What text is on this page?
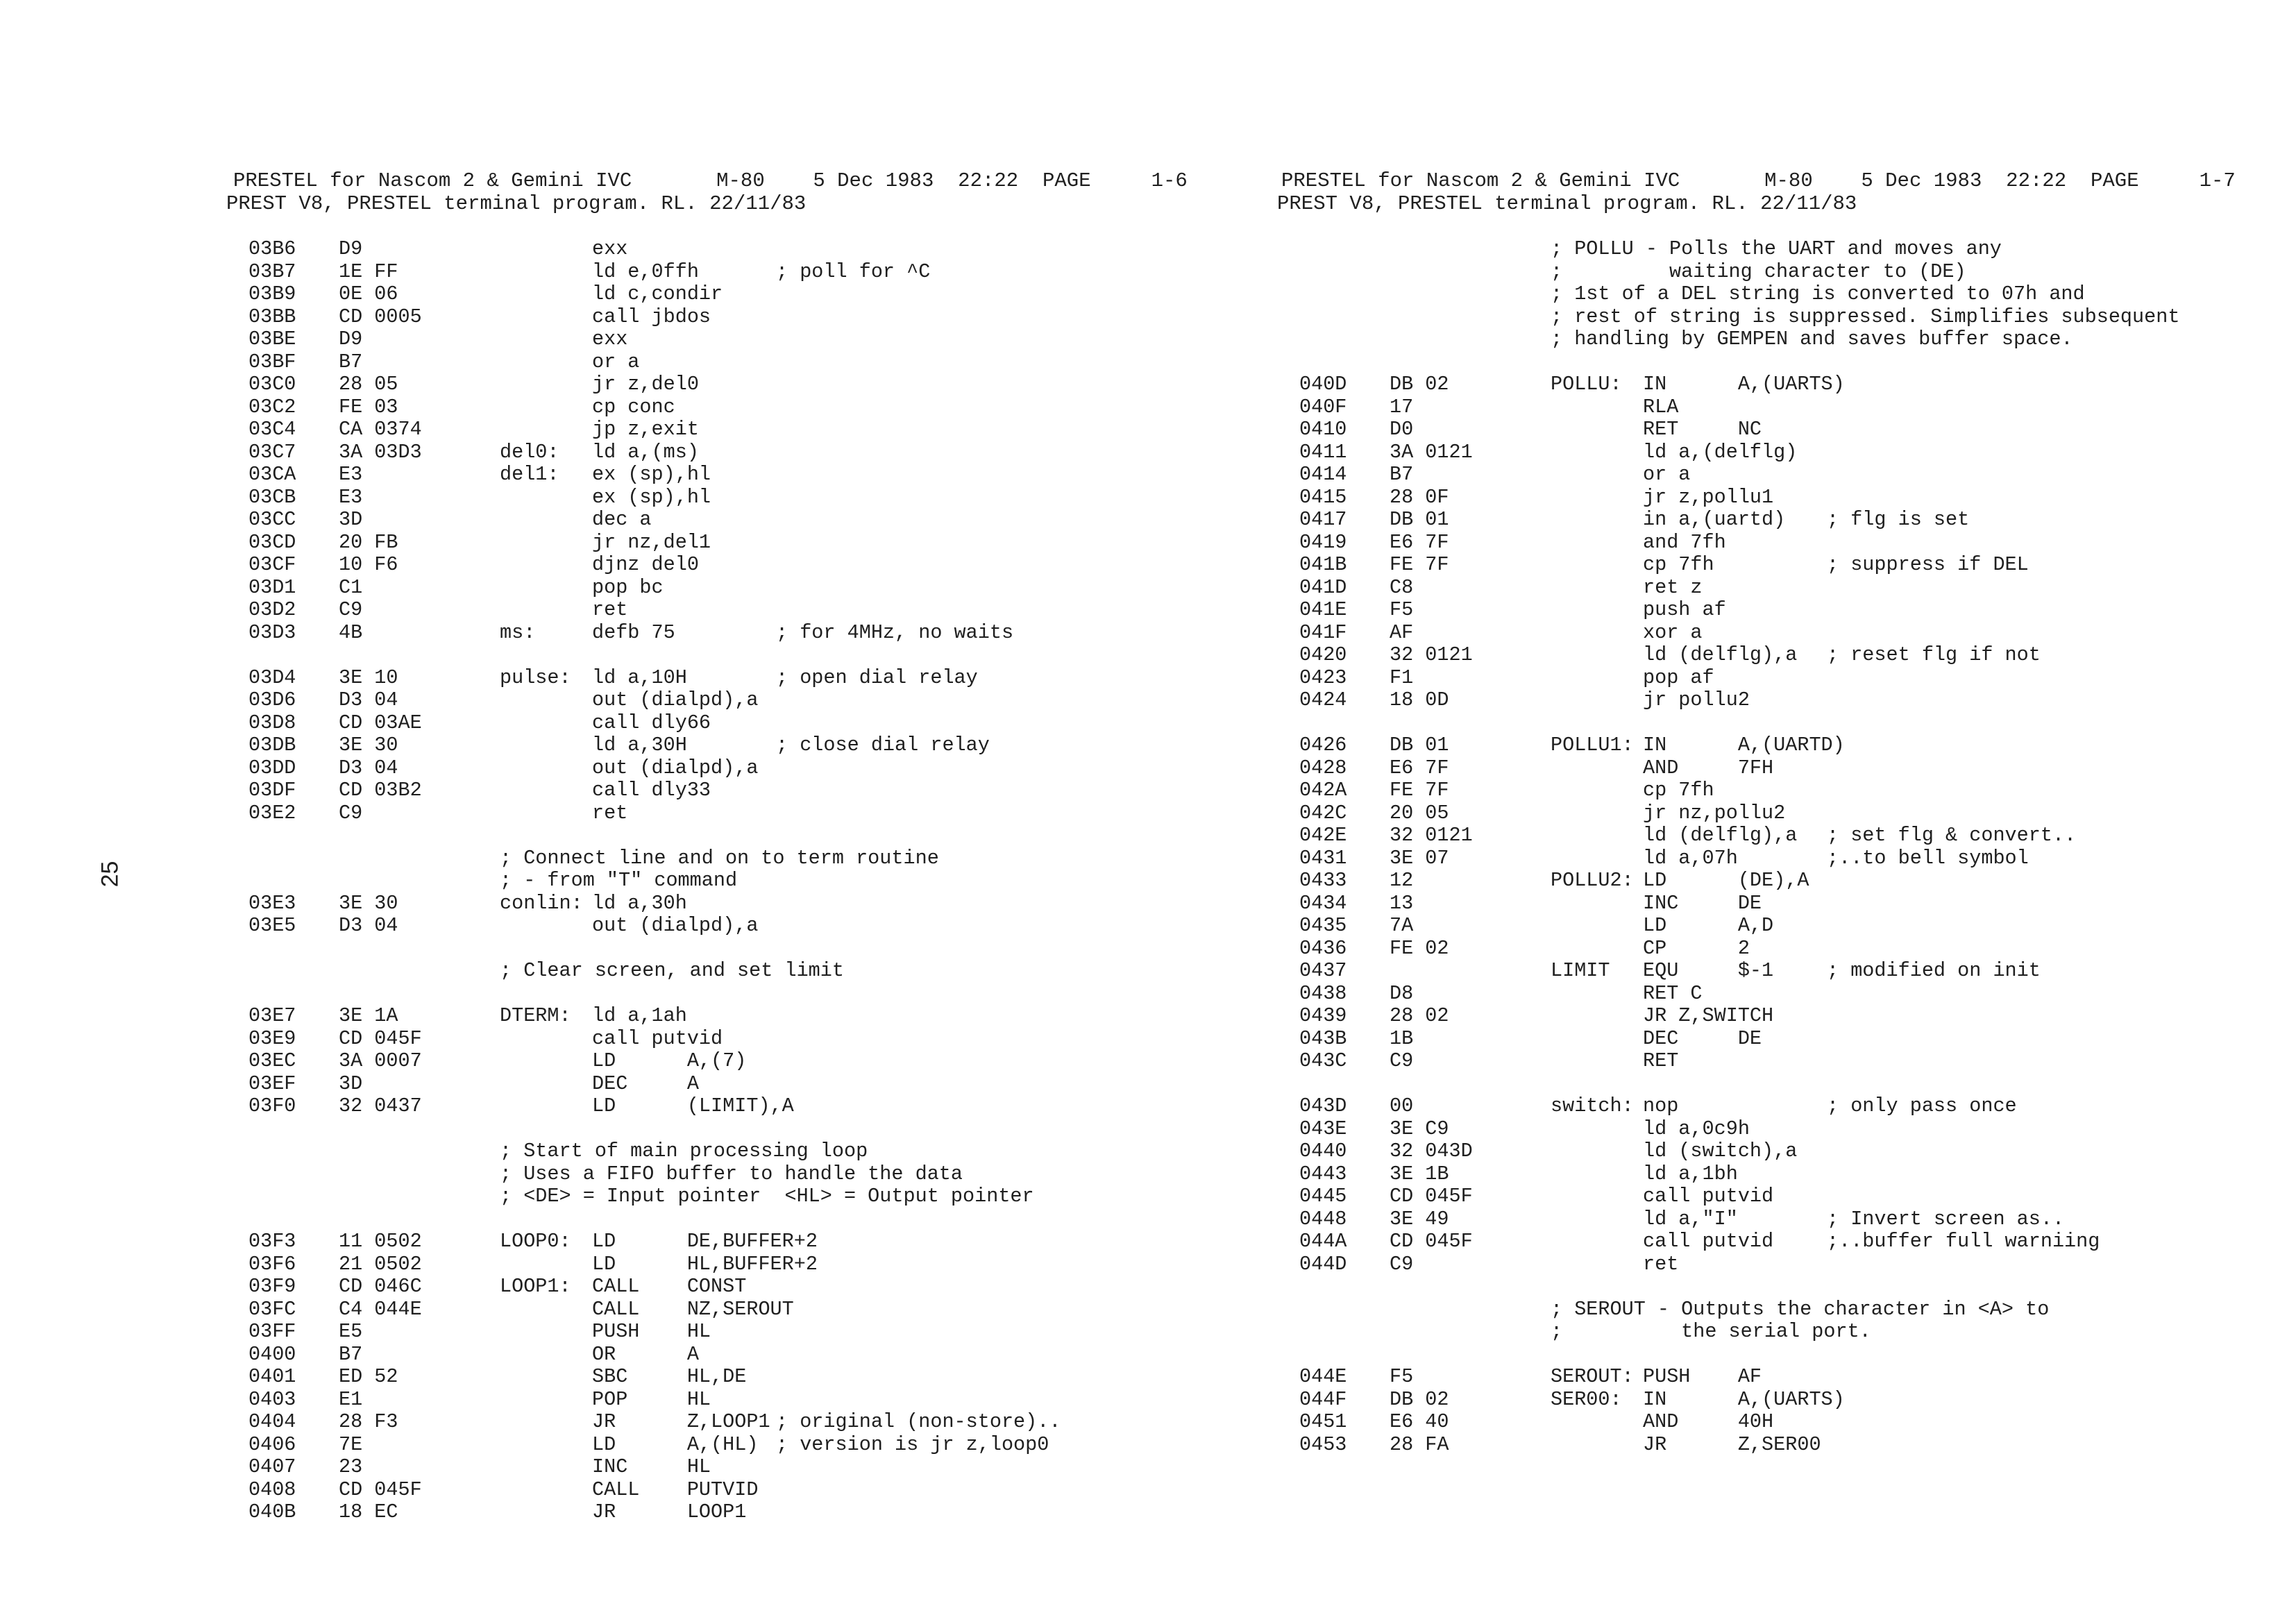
PRESTEL for Nascom 2 & Gemini IVC       M-80    5 Dec 1983  22:22  PAGE     1-6
PREST V8, PRESTEL terminal program. RL. 22/11/83
03B6 D9	exx
03B7 1E FF	ld e,0ffh	; poll for ^C
03B9 0E 06	ld c,condir
03BB CD 0005	call jbdos
03BE D9	exx
03BF B7	or a
03C0 28 05	jr z,del0
03C2 FE 03	cp conc
03C4 CA 0374	jp z,exit
03C7 3A 03D3	del0: ld a,(ms)
03CA E3	del1: ex (sp),hl
03CB E3	ex (sp),hl
03CC 3D	dec a
03CD 20 FB	jr nz,del1
03CF 10 F6	djnz del0
03D1 C1	pop bc
03D2 C9	ret
03D3 4B	ms:	defb 75	; for 4MHz, no waits
03D4 3E 10	pulse: ld a,10H	; open dial relay
03D6 D3 04	out (dialpd),a
03D8 CD 03AE	call dly66
03DB 3E 30	ld a,30H	; close dial relay
03DD D3 04	out (dialpd),a
03DF CD 03B2	call dly33
03E2 C9	ret
; Connect line and on to term routine
; - from "T" command
03E3 3E 30	conlin: ld a,30h
03E5 D3 04	out (dialpd),a
; Clear screen, and set limit
03E7 3E 1A	DTERM: ld a,1ah
03E9 CD 045F	call putvid
03EC 3A 0007	LD      A,(7)
03EF 3D	DEC     A
03F0 32 0437	LD      (LIMIT),A
; Start of main processing loop
; Uses a FIFO buffer to handle the data
; <DE> = Input pointer  <HL> = Output pointer
03F3 11 0502	LOOP0: LD      DE,BUFFER+2
03F6 21 0502	LD      HL,BUFFER+2
03F9 CD 046C	LOOP1: CALL    CONST
03FC C4 044E	CALL    NZ,SEROUT
03FF E5	PUSH    HL
0400 B7	OR      A
0401 ED 52	SBC     HL,DE
0403 E1	POP     HL
0404 28 F3	JR      Z,LOOP1 ; original (non-store)..
0406 7E	LD      A,(HL) ; version is jr z,loop0
0407 23	INC     HL
0408 CD 045F	CALL    PUTVID
040B 18 EC	JR      LOOP1
PRESTEL for Nascom 2 & Gemini IVC       M-80    5 Dec 1983  22:22  PAGE     1-7
PREST V8, PRESTEL terminal program. RL. 22/11/83
; POLLU - Polls the UART and moves any
;         waiting character to (DE)
; 1st of a DEL string is converted to 07h and
; rest of string is suppressed. Simplifies subsequent
; handling by GEMPEN and saves buffer space.
040D DB 02	POLLU: IN      A,(UARTS)
040F 17	RLA
0410 D0	RET     NC
0411 3A 0121	ld a,(delflg)
0414 B7	or a
0415 28 0F	jr z,pollu1
0417 DB 01	in a,(uartd) ; flg is set
0419 E6 7F	and 7fh
041B FE 7F	cp 7fh	; suppress if DEL
041D C8	ret z
041E F5	push af
041F AF	xor a
0420 32 0121	ld (delflg),a ; reset flg if not
0423 F1	pop af
0424 18 0D	jr pollu2
0426 DB 01	POLLU1: IN      A,(UARTD)
0428 E6 7F	AND     7FH
042A FE 7F	cp 7fh
042C 20 05	jr nz,pollu2
042E 32 0121	ld (delflg),a ; set flg & convert..
0431 3E 07	ld a,07h	;..to bell symbol
0433 12	POLLU2: LD      (DE),A
0434 13	INC     DE
0435 7A	LD      A,D
0436 FE 02	CP      2
0437	LIMIT EQU     $-1	; modified on init
0438 D8	RET C
0439 28 02	JR Z,SWITCH
043B 1B	DEC     DE
043C C9	RET
043D 00	switch: nop	; only pass once
043E 3E C9	ld a,0c9h
0440 32 043D	ld (switch),a
0443 3E 1B	ld a,1bh
0445 CD 045F	call putvid
0448 3E 49	ld a,"I"	; Invert screen as..
044A CD 045F	call putvid	;..buffer full warniing
044D C9	ret
; SEROUT - Outputs the character in <A> to
;          the serial port.
044E F5	SEROUT: PUSH    AF
044F DB 02	SER00: IN      A,(UARTS)
0451 E6 40	AND     40H
0453 28 FA	JR      Z,SER00
25
